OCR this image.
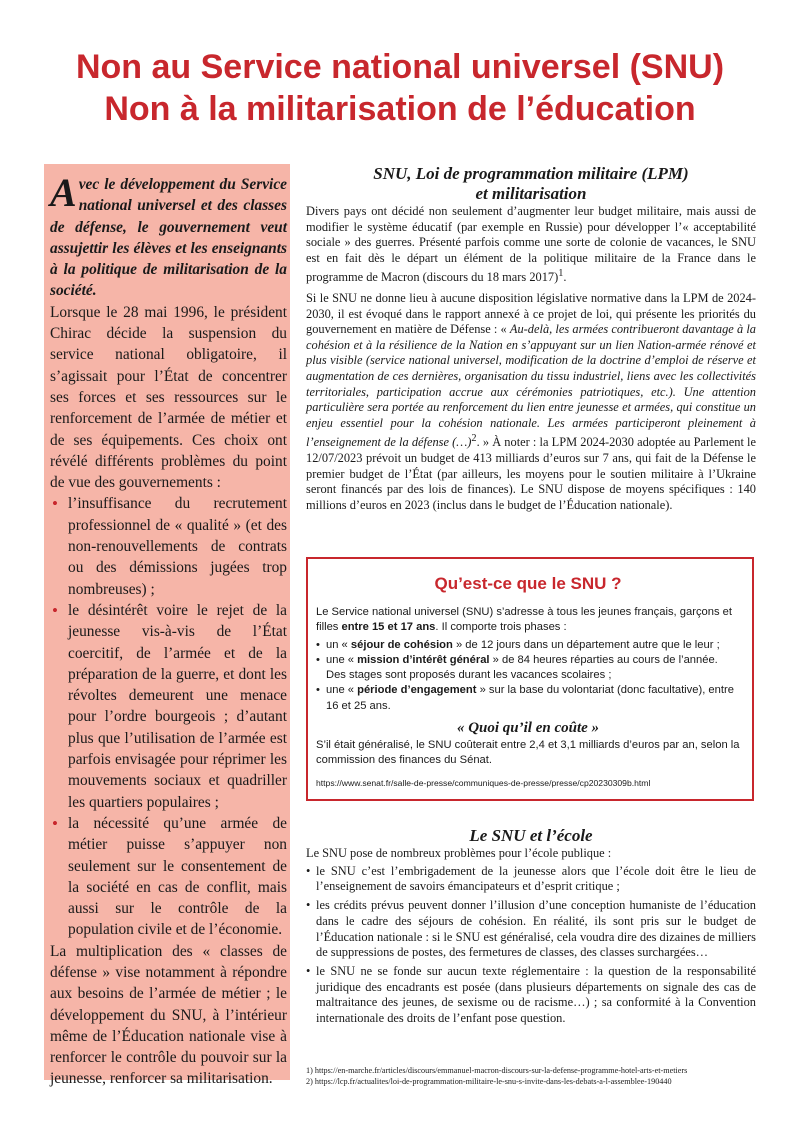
Non au Service national universel (SNU)
Non à la militarisation de l’éducation

Avec le développement du Service national universel et des classes de défense, le gouvernement veut assujettir les élèves et les enseignants à la politique de militarisation de la société.

Lorsque le 28 mai 1996, le président Chirac décide la suspension du service national obligatoire, il s’agissait pour l’État de concentrer ses forces et ses ressources sur le renforcement de l’armée de métier et de ses équipements. Ces choix ont révélé différents problèmes du point de vue des gouvernements :

• l’insuffisance du recrutement professionnel de « qualité » (et des non-renouvellements de contrats ou des démissions jugées trop nombreuses) ;
• le désintérêt voire le rejet de la jeunesse vis-à-vis de l’État coercitif, de l’armée et de la préparation de la guerre, et dont les révoltes demeurent une menace pour l’ordre bourgeois ; d’autant plus que l’utilisation de l’armée est parfois envisagée pour réprimer les mouvements sociaux et quadriller les quartiers populaires ;
• la nécessité qu’une armée de métier puisse s’appuyer non seulement sur le consentement de la société en cas de conflit, mais aussi sur le contrôle de la population civile et de l’économie.

La multiplication des « classes de défense » vise notamment à répondre aux besoins de l’armée de métier ; le développement du SNU, à l’intérieur même de l’Éducation nationale vise à renforcer le contrôle du pouvoir sur la jeunesse, renforcer sa militarisation.

SNU, Loi de programmation militaire (LPM)
et militarisation

Divers pays ont décidé non seulement d’augmenter leur budget militaire, mais aussi de modifier le système éducatif (par exemple en Russie) pour développer l’« acceptabilité sociale » des guerres. Présenté parfois comme une sorte de colonie de vacances, le SNU est en fait dès le départ un élément de la politique militaire de la France dans le programme de Macron (discours du 18 mars 2017)$^1$.

Si le SNU ne donne lieu à aucune disposition législative normative dans la LPM de 2024-2030, il est évoqué dans le rapport annexé à ce projet de loi, qui présente les priorités du gouvernement en matière de Défense : « Au-delà, les armées contribueront davantage à la cohésion et à la résilience de la Nation en s’appuyant sur un lien Nation-armée rénové et plus visible (service national universel, modification de la doctrine d’emploi de réserve et augmentation de ces dernières, organisation du tissu industriel, liens avec les collectivités territoriales, participation accrue aux cérémonies patriotiques, etc.). Une attention particulière sera portée au renforcement du lien entre jeunesse et armées, qui constitue un enjeu essentiel pour la cohésion nationale. Les armées participeront pleinement à l’enseignement de la défense (…)$^2$. » À noter : la LPM 2024-2030 adoptée au Parlement le 12/07/2023 prévoit un budget de 413 milliards d’euros sur 7 ans, qui fait de la Défense le premier budget de l’État (par ailleurs, les moyens pour le soutien militaire à l’Ukraine seront financés par des lois de finances). Le SNU dispose de moyens spécifiques : 140 millions d’euros en 2023 (inclus dans le budget de l’Éducation nationale).

Qu’est-ce que le SNU ?

Le Service national universel (SNU) s’adresse à tous les jeunes français, garçons et filles entre 15 et 17 ans. Il comporte trois phases :

• un « séjour de cohésion » de 12 jours dans un département autre que le leur ;
• une « mission d’intérêt général » de 84 heures réparties au cours de l’année. Des stages sont proposés durant les vacances scolaires ;
• une « période d’engagement » sur la base du volontariat (donc facultative), entre 16 et 25 ans.
« Quoi qu’il en coûte »

S’il était généralisé, le SNU coûterait entre 2,4 et 3,1 milliards d’euros par an, selon la commission des finances du Sénat.

https://www.senat.fr/salle-de-presse/communiques-de-presse/presse/cp20230309b.html

Le SNU et l’école

Le SNU pose de nombreux problèmes pour l’école publique :

• le SNU c’est l’embrigadement de la jeunesse alors que l’école doit être le lieu de l’enseignement de savoirs émancipateurs et d’esprit critique ;
• les crédits prévus peuvent donner l’illusion d’une conception humaniste de l’éducation dans le cadre des séjours de cohésion. En réalité, ils sont pris sur le budget de l’Éducation nationale : si le SNU est généralisé, cela voudra dire des dizaines de milliers de suppressions de postes, des fermetures de classes, des classes surchargées…
• le SNU ne se fonde sur aucun texte réglementaire : la question de la responsabilité juridique des encadrants est posée (dans plusieurs départements on signale des cas de maltraitance des jeunes, de sexisme ou de racisme…) ; sa conformité à la Convention internationale des droits de l’enfant pose question.
1) https://en-marche.fr/articles/discours/emmanuel-macron-discours-sur-la-defense-programme-hotel-arts-et-metiers
2) https://lcp.fr/actualites/loi-de-programmation-militaire-le-snu-s-invite-dans-les-debats-a-l-assemblee-190440
